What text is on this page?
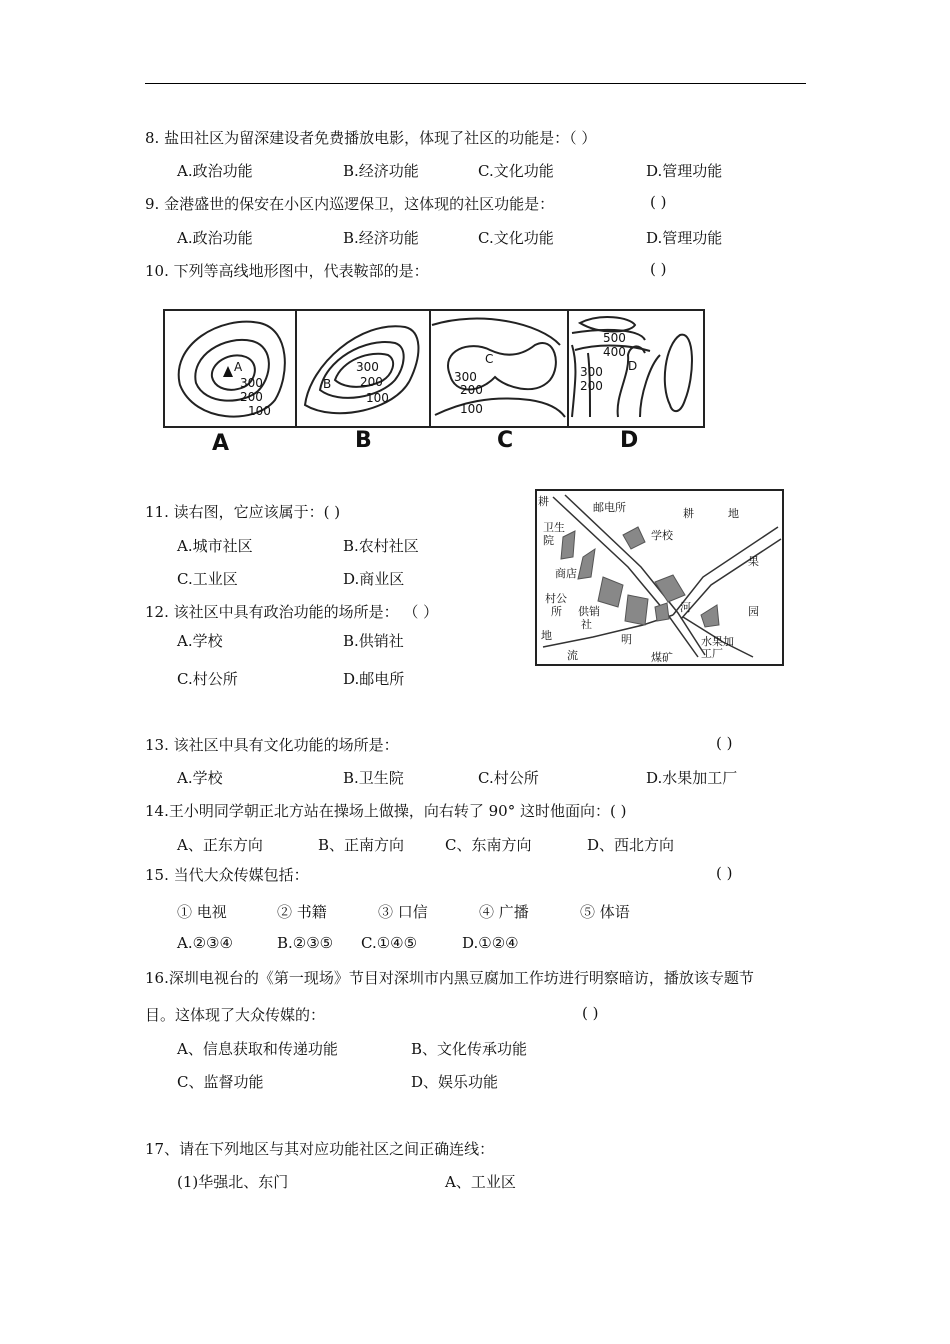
8. 盐田社区为留深建设者免费播放电影，体现了社区的功能是：（ ）
A.政治功能	B.经济功能	C.文化功能	D.管理功能
9. 金港盛世的保安在小区内巡逻保卫，这体现的社区功能是：	( )
A.政治功能	B.经济功能	C.文化功能	D.管理功能
10. 下列等高线地形图中，代表鞍部的是：	( )
A
300
200
100
B
300
200
100
C
300
200
100
500
400
300
200
D
A	B	C	D
11. 读右图，它应该属于：( )
A.城市社区	B.农村社区
C.工业区	D.商业区
耕	邮电所	耕	地
卫生
院	学校
商店
果
村公
所 供销
社
河	园
地	水果加
工厂
流
明
煤矿
12. 该社区中具有政治功能的场所是： （ ）
A.学校	B.供销社
C.村公所	D.邮电所
13. 该社区中具有文化功能的场所是：	( )
A.学校	B.卫生院	C.村公所	D.水果加工厂
14.王小明同学朝正北方站在操场上做操，向右转了 90° 这时他面向：( )
A、正东方向	B、正南方向	C、东南方向	D、西北方向
15. 当代大众传媒包括：	( )
① 电视	② 书籍	③ 口信	④ 广播	⑤ 体语
A.②③④	B.②③⑤ C.①④⑤	D.①②④
16.深圳电视台的《第一现场》节目对深圳市内黑豆腐加工作坊进行明察暗访，播放该专题节
目。这体现了大众传媒的：	( )
A、信息获取和传递功能	B、文化传承功能
C、监督功能	D、娱乐功能
17、请在下列地区与其对应功能社区之间正确连线：
(1)华强北、东门	A、工业区
